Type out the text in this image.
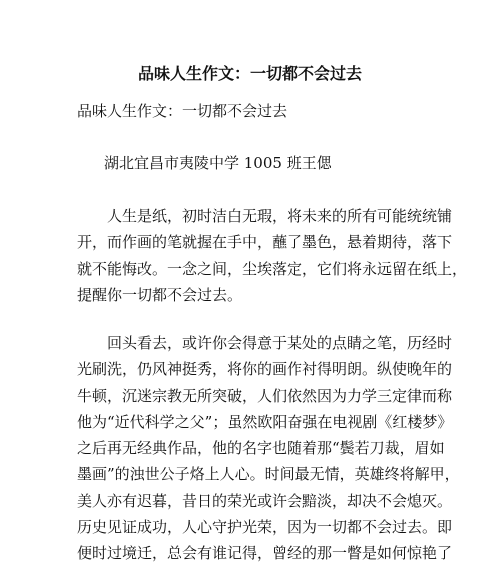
品味人生作文：一切都不会过去
品味人生作文：一切都不会过去
湖北宜昌市夷陵中学 1005 班王偲
　　人生是纸，初时洁白无瑕，将未来的所有可能统统铺
开，而作画的笔就握在手中，蘸了墨色，悬着期待，落下
就不能悔改。一念之间，尘埃落定，它们将永远留在纸上，
提醒你一切都不会过去。
　　回头看去，或许你会得意于某处的点睛之笔，历经时
光刷洗，仍风神挺秀，将你的画作衬得明朗。纵使晚年的
牛顿，沉迷宗教无所突破，人们依然因为力学三定律而称
他为“近代科学之父”；虽然欧阳奋强在电视剧《红楼梦》
之后再无经典作品，他的名字也随着那“鬓若刀裁，眉如
墨画”的浊世公子烙上人心。时间最无情，英雄终将解甲，
美人亦有迟暮，昔日的荣光或许会黯淡，却决不会熄灭。
历史见证成功，人心守护光荣，因为一切都不会过去。即
便时过境迁，总会有谁记得，曾经的那一瞥是如何惊艳了
